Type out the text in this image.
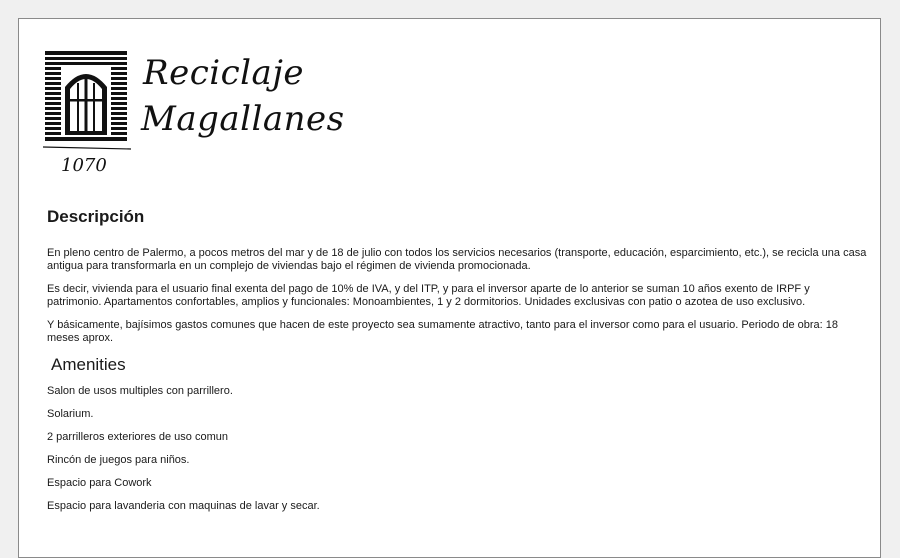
Reciclaje
Magallanes
1070
Descripción

En pleno centro de Palermo, a pocos metros del mar y de 18 de julio con todos los servicios necesarios (transporte, educación, esparcimiento, etc.), se recicla una casa antigua para transformarla en un complejo de viviendas bajo el régimen de vivienda promocionada.

Es decir, vivienda para el usuario final exenta del pago de 10% de IVA, y del ITP, y para el inversor aparte de lo anterior se suman 10 años exento de IRPF y patrimonio. Apartamentos confortables, amplios y funcionales: Monoambientes, 1 y 2 dormitorios. Unidades exclusivas con patio o azotea de uso exclusivo.

Y básicamente, bajísimos gastos comunes que hacen de este proyecto sea sumamente atractivo, tanto para el inversor como para el usuario. Periodo de obra: 18 meses aprox.

Amenities
Salon de usos multiples con parrillero.
Solarium.
2 parrilleros exteriores de uso comun
Rincón de juegos para niños.
Espacio para Cowork
Espacio para lavanderia con maquinas de lavar y secar.
